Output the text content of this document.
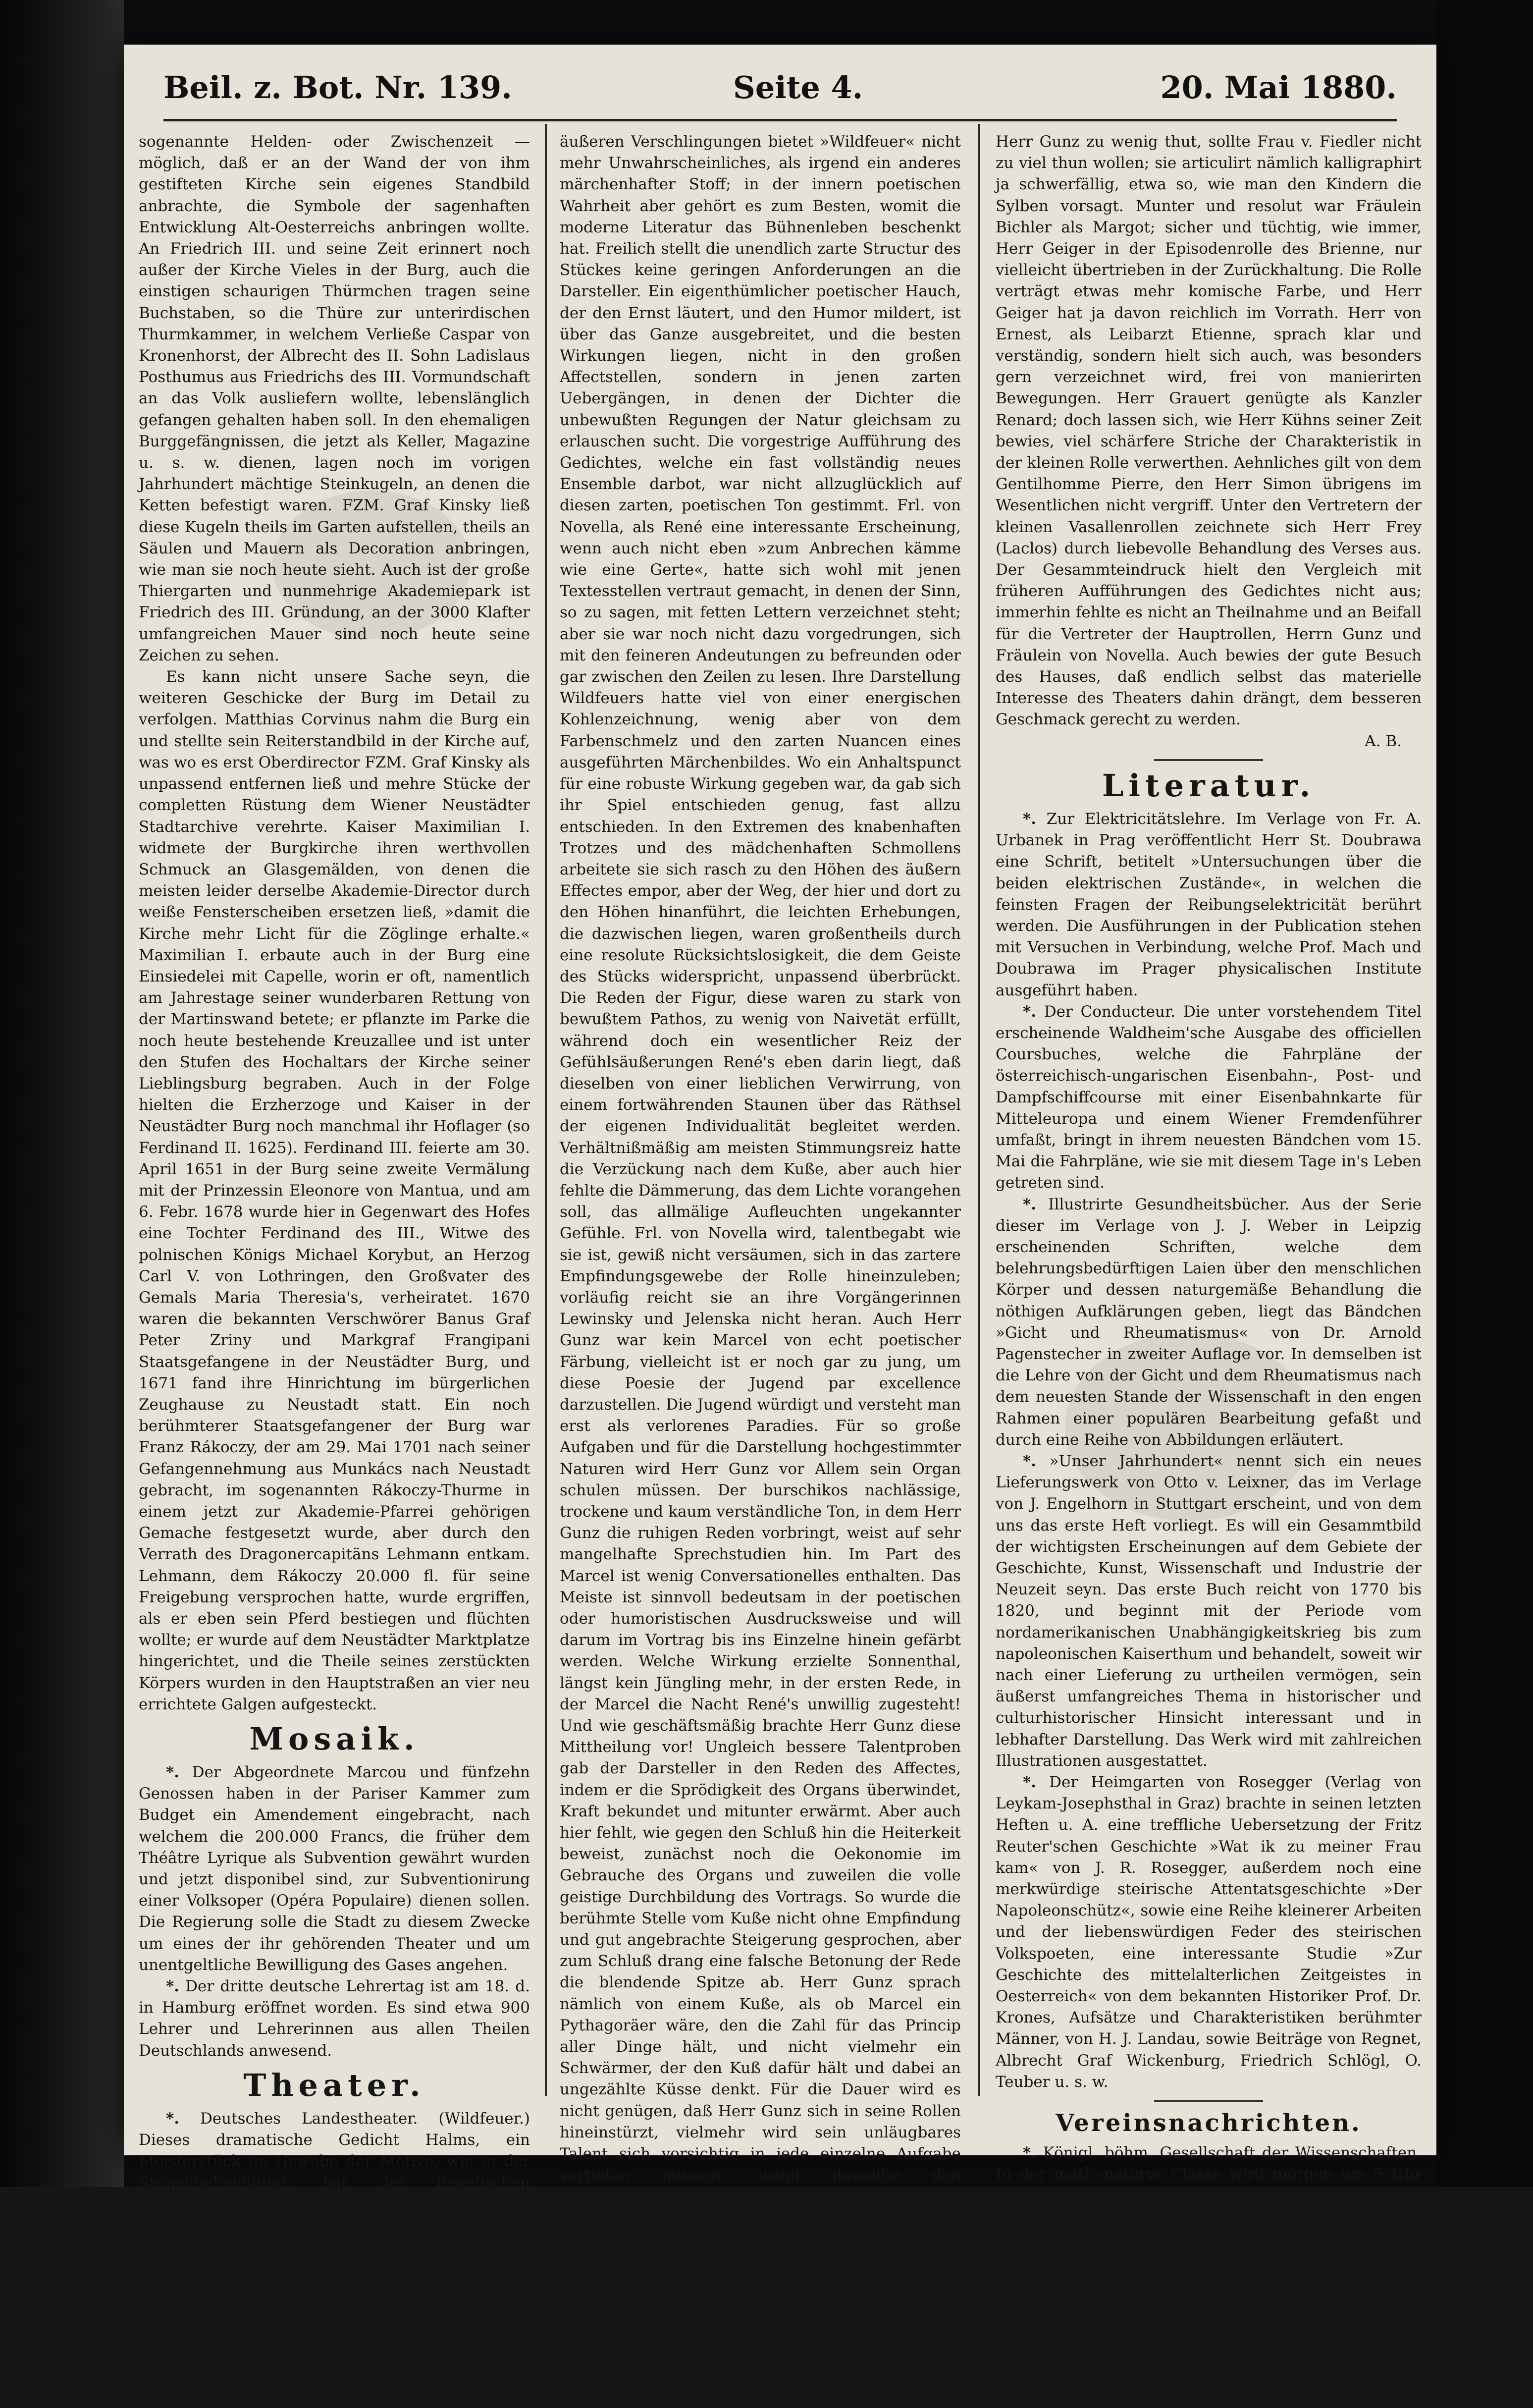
Beil. z. Bot. Nr. 139.	Seite 4.	20. Mai 1880.

sogenannte Helden- oder Zwischenzeit — möglich, daß er an der Wand der von ihm gestifteten Kirche sein eigenes Standbild anbrachte, die Symbole der sagenhaften Entwicklung Alt-Oesterreichs anbringen wollte. An Friedrich III. und seine Zeit erinnert noch außer der Kirche Vieles in der Burg, auch die einstigen schaurigen Thürmchen tragen seine Buchstaben, so die Thüre zur unterirdischen Thurmkammer, in welchem Verließe Caspar von Kronenhorst, der Albrecht des II. Sohn Ladislaus Posthumus aus Friedrichs des III. Vormundschaft an das Volk ausliefern wollte, lebenslänglich gefangen gehalten haben soll. In den ehemaligen Burggefängnissen, die jetzt als Keller, Magazine u. s. w. dienen, lagen noch im vorigen Jahrhundert mächtige Steinkugeln, an denen die Ketten befestigt waren. FZM. Graf Kinsky ließ diese Kugeln theils im Garten aufstellen, theils an Säulen und Mauern als Decoration anbringen, wie man sie noch heute sieht. Auch ist der große Thiergarten und nunmehrige Akademiepark ist Friedrich des III. Gründung, an der 3000 Klafter umfangreichen Mauer sind noch heute seine Zeichen zu sehen.

Es kann nicht unsere Sache seyn, die weiteren Geschicke der Burg im Detail zu verfolgen. Matthias Corvinus nahm die Burg ein und stellte sein Reiterstandbild in der Kirche auf, was wo es erst Oberdirector FZM. Graf Kinsky als unpassend entfernen ließ und mehre Stücke der completten Rüstung dem Wiener Neustädter Stadtarchive verehrte. Kaiser Maximilian I. widmete der Burgkirche ihren werthvollen Schmuck an Glasgemälden, von denen die meisten leider derselbe Akademie-Director durch weiße Fensterscheiben ersetzen ließ, »damit die Kirche mehr Licht für die Zöglinge erhalte.« Maximilian I. erbaute auch in der Burg eine Einsiedelei mit Capelle, worin er oft, namentlich am Jahrestage seiner wunderbaren Rettung von der Martinswand betete; er pflanzte im Parke die noch heute bestehende Kreuzallee und ist unter den Stufen des Hochaltars der Kirche seiner Lieblingsburg begraben. Auch in der Folge hielten die Erzherzoge und Kaiser in der Neustädter Burg noch manchmal ihr Hoflager (so Ferdinand II. 1625). Ferdinand III. feierte am 30. April 1651 in der Burg seine zweite Vermälung mit der Prinzessin Eleonore von Mantua, und am 6. Febr. 1678 wurde hier in Gegenwart des Hofes eine Tochter Ferdinand des III., Witwe des polnischen Königs Michael Korybut, an Herzog Carl V. von Lothringen, den Großvater des Gemals Maria Theresia's, verheiratet. 1670 waren die bekannten Verschwörer Banus Graf Peter Zriny und Markgraf Frangipani Staatsgefangene in der Neustädter Burg, und 1671 fand ihre Hinrichtung im bürgerlichen Zeughause zu Neustadt statt. Ein noch berühmterer Staatsgefangener der Burg war Franz Rákoczy, der am 29. Mai 1701 nach seiner Gefangennehmung aus Munkács nach Neustadt gebracht, im sogenannten Rákoczy-Thurme in einem jetzt zur Akademie-Pfarrei gehörigen Gemache festgesetzt wurde, aber durch den Verrath des Dragonercapitäns Lehmann entkam. Lehmann, dem Rákoczy 20.000 fl. für seine Freigebung versprochen hatte, wurde ergriffen, als er eben sein Pferd bestiegen und flüchten wollte; er wurde auf dem Neustädter Marktplatze hingerichtet, und die Theile seines zerstückten Körpers wurden in den Hauptstraßen an vier neu errichtete Galgen aufgesteckt.

Mosaik.

*. Der Abgeordnete Marcou und fünfzehn Genossen haben in der Pariser Kammer zum Budget ein Amendement eingebracht, nach welchem die 200.000 Francs, die früher dem Théâtre Lyrique als Subvention gewährt wurden und jetzt disponibel sind, zur Subventionirung einer Volksoper (Opéra Populaire) dienen sollen. Die Regierung solle die Stadt zu diesem Zwecke um eines der ihr gehörenden Theater und um unentgeltliche Bewilligung des Gases angehen.

*. Der dritte deutsche Lehrertag ist am 18. d. in Hamburg eröffnet worden. Es sind etwa 900 Lehrer und Lehrerinnen aus allen Theilen Deutschlands anwesend.

Theater.

*. Deutsches Landestheater. (Wildfeuer.) Dieses dramatische Gedicht Halms, ein Meisterstück im Gewebe der Motive, wie in der Sprachbehandlung, hat der flegelischen Rücksichtnahme »auf schon so lange siegreich Wildfeuer« geschrieben, daß es heute bereits in ganz Deutschland für eine Zierde des Schauspielrepertoires gilt. Die Gemeinheit, die sonst mit der Prosa ganz außer Verkehr steht, hat das Gedicht, endlich doch, nur darum befestigt, weil sie sich durch das rasende Motiv angeregt fühlte. Im deutschen Sinne sind ja auch längst griechische und deutsche Mythologie den gräulichsten Lächerlichen verfallen. In den

äußeren Verschlingungen bietet »Wildfeuer« nicht mehr Unwahrscheinliches, als irgend ein anderes märchenhafter Stoff; in der innern poetischen Wahrheit aber gehört es zum Besten, womit die moderne Literatur das Bühnenleben beschenkt hat. Freilich stellt die unendlich zarte Structur des Stückes keine geringen Anforderungen an die Darsteller. Ein eigenthümlicher poetischer Hauch, der den Ernst läutert, und den Humor mildert, ist über das Ganze ausgebreitet, und die besten Wirkungen liegen, nicht in den großen Affectstellen, sondern in jenen zarten Uebergängen, in denen der Dichter die unbewußten Regungen der Natur gleichsam zu erlauschen sucht. Die vorgestrige Aufführung des Gedichtes, welche ein fast vollständig neues Ensemble darbot, war nicht allzuglücklich auf diesen zarten, poetischen Ton gestimmt. Frl. von Novella, als René eine interessante Erscheinung, wenn auch nicht eben »zum Anbrechen kämme wie eine Gerte«, hatte sich wohl mit jenen Textesstellen vertraut gemacht, in denen der Sinn, so zu sagen, mit fetten Lettern verzeichnet steht; aber sie war noch nicht dazu vorgedrungen, sich mit den feineren Andeutungen zu befreunden oder gar zwischen den Zeilen zu lesen. Ihre Darstellung Wildfeuers hatte viel von einer energischen Kohlenzeichnung, wenig aber von dem Farbenschmelz und den zarten Nuancen eines ausgeführten Märchenbildes. Wo ein Anhaltspunct für eine robuste Wirkung gegeben war, da gab sich ihr Spiel entschieden genug, fast allzu entschieden. In den Extremen des knabenhaften Trotzes und des mädchenhaften Schmollens arbeitete sie sich rasch zu den Höhen des äußern Effectes empor, aber der Weg, der hier und dort zu den Höhen hinanführt, die leichten Erhebungen, die dazwischen liegen, waren großentheils durch eine resolute Rücksichtslosigkeit, die dem Geiste des Stücks widerspricht, unpassend überbrückt. Die Reden der Figur, diese waren zu stark von bewußtem Pathos, zu wenig von Naivetät erfüllt, während doch ein wesentlicher Reiz der Gefühlsäußerungen René's eben darin liegt, daß dieselben von einer lieblichen Verwirrung, von einem fortwährenden Staunen über das Räthsel der eigenen Individualität begleitet werden. Verhältnißmäßig am meisten Stimmungsreiz hatte die Verzückung nach dem Kuße, aber auch hier fehlte die Dämmerung, das dem Lichte vorangehen soll, das allmälige Aufleuchten ungekannter Gefühle. Frl. von Novella wird, talentbegabt wie sie ist, gewiß nicht versäumen, sich in das zartere Empfindungsgewebe der Rolle hineinzuleben; vorläufig reicht sie an ihre Vorgängerinnen Lewinsky und Jelenska nicht heran. Auch Herr Gunz war kein Marcel von echt poetischer Färbung, vielleicht ist er noch gar zu jung, um diese Poesie der Jugend par excellence darzustellen. Die Jugend würdigt und versteht man erst als verlorenes Paradies. Für so große Aufgaben und für die Darstellung hochgestimmter Naturen wird Herr Gunz vor Allem sein Organ schulen müssen. Der burschikos nachlässige, trockene und kaum verständliche Ton, in dem Herr Gunz die ruhigen Reden vorbringt, weist auf sehr mangelhafte Sprechstudien hin. Im Part des Marcel ist wenig Conversationelles enthalten. Das Meiste ist sinnvoll bedeutsam in der poetischen oder humoristischen Ausdrucksweise und will darum im Vortrag bis ins Einzelne hinein gefärbt werden. Welche Wirkung erzielte Sonnenthal, längst kein Jüngling mehr, in der ersten Rede, in der Marcel die Nacht René's unwillig zugesteht! Und wie geschäftsmäßig brachte Herr Gunz diese Mittheilung vor! Ungleich bessere Talentproben gab der Darsteller in den Reden des Affectes, indem er die Sprödigkeit des Organs überwindet, Kraft bekundet und mitunter erwärmt. Aber auch hier fehlt, wie gegen den Schluß hin die Heiterkeit beweist, zunächst noch die Oekonomie im Gebrauche des Organs und zuweilen die volle geistige Durchbildung des Vortrags. So wurde die berühmte Stelle vom Kuße nicht ohne Empfindung und gut angebrachte Steigerung gesprochen, aber zum Schluß drang eine falsche Betonung der Rede die blendende Spitze ab. Herr Gunz sprach nämlich von einem Kuße, als ob Marcel ein Pythagoräer wäre, den die Zahl für das Princip aller Dinge hält, und nicht vielmehr ein Schwärmer, der den Kuß dafür hält und dabei an ungezählte Küsse denkt. Für die Dauer wird es nicht genügen, daß Herr Gunz sich in seine Rollen hineinstürzt, vielmehr wird sein unläugbares Talent sich vorsichtig in jede einzelne Aufgabe vertiefen müssen, wenn dasselbe den Anforderungen eines großen Wirkungskreises genügen soll. Sehr ernst hatte sich Frau Fiedler von Burgbach mit der Gräfin von Dommartin befaßt; der Grundton der Energie war richtig angeschlagen, und der Text — bis auf eine verunglückte Stelle (nach dem Abgange des Grafen von Driemne), die nur halb zu Gehör kam — sorgfältig behandelt. In einem Puncte, in dem

Herr Gunz zu wenig thut, sollte Frau v. Fiedler nicht zu viel thun wollen; sie articulirt nämlich kalligraphirt ja schwerfällig, etwa so, wie man den Kindern die Sylben vorsagt. Munter und resolut war Fräulein Bichler als Margot; sicher und tüchtig, wie immer, Herr Geiger in der Episodenrolle des Brienne, nur vielleicht übertrieben in der Zurückhaltung. Die Rolle verträgt etwas mehr komische Farbe, und Herr Geiger hat ja davon reichlich im Vorrath. Herr von Ernest, als Leibarzt Etienne, sprach klar und verständig, sondern hielt sich auch, was besonders gern verzeichnet wird, frei von manierirten Bewegungen. Herr Grauert genügte als Kanzler Renard; doch lassen sich, wie Herr Kühns seiner Zeit bewies, viel schärfere Striche der Charakteristik in der kleinen Rolle verwerthen. Aehnliches gilt von dem Gentilhomme Pierre, den Herr Simon übrigens im Wesentlichen nicht vergriff. Unter den Vertretern der kleinen Vasallenrollen zeichnete sich Herr Frey (Laclos) durch liebevolle Behandlung des Verses aus. Der Gesammteindruck hielt den Vergleich mit früheren Aufführungen des Gedichtes nicht aus; immerhin fehlte es nicht an Theilnahme und an Beifall für die Vertreter der Hauptrollen, Herrn Gunz und Fräulein von Novella. Auch bewies der gute Besuch des Hauses, daß endlich selbst das materielle Interesse des Theaters dahin drängt, dem besseren Geschmack gerecht zu werden.

A. B.

Literatur.

*. Zur Elektricitätslehre. Im Verlage von Fr. A. Urbanek in Prag veröffentlicht Herr St. Doubrawa eine Schrift, betitelt »Untersuchungen über die beiden elektrischen Zustände«, in welchen die feinsten Fragen der Reibungselektricität berührt werden. Die Ausführungen in der Publication stehen mit Versuchen in Verbindung, welche Prof. Mach und Doubrawa im Prager physicalischen Institute ausgeführt haben.

*. Der Conducteur. Die unter vorstehendem Titel erscheinende Waldheim'sche Ausgabe des officiellen Coursbuches, welche die Fahrpläne der österreichisch-ungarischen Eisenbahn-, Post- und Dampfschiffcourse mit einer Eisenbahnkarte für Mitteleuropa und einem Wiener Fremdenführer umfaßt, bringt in ihrem neuesten Bändchen vom 15. Mai die Fahrpläne, wie sie mit diesem Tage in's Leben getreten sind.

*. Illustrirte Gesundheitsbücher. Aus der Serie dieser im Verlage von J. J. Weber in Leipzig erscheinenden Schriften, welche dem belehrungsbedürftigen Laien über den menschlichen Körper und dessen naturgemäße Behandlung die nöthigen Aufklärungen geben, liegt das Bändchen »Gicht und Rheumatismus« von Dr. Arnold Pagenstecher in zweiter Auflage vor. In demselben ist die Lehre von der Gicht und dem Rheumatismus nach dem neuesten Stande der Wissenschaft in den engen Rahmen einer populären Bearbeitung gefaßt und durch eine Reihe von Abbildungen erläutert.

*. »Unser Jahrhundert« nennt sich ein neues Lieferungswerk von Otto v. Leixner, das im Verlage von J. Engelhorn in Stuttgart erscheint, und von dem uns das erste Heft vorliegt. Es will ein Gesammtbild der wichtigsten Erscheinungen auf dem Gebiete der Geschichte, Kunst, Wissenschaft und Industrie der Neuzeit seyn. Das erste Buch reicht von 1770 bis 1820, und beginnt mit der Periode vom nordamerikanischen Unabhängigkeitskrieg bis zum napoleonischen Kaiserthum und behandelt, soweit wir nach einer Lieferung zu urtheilen vermögen, sein äußerst umfangreiches Thema in historischer und culturhistorischer Hinsicht interessant und in lebhafter Darstellung. Das Werk wird mit zahlreichen Illustrationen ausgestattet.

*. Der Heimgarten von Rosegger (Verlag von Leykam-Josephsthal in Graz) brachte in seinen letzten Heften u. A. eine treffliche Uebersetzung der Fritz Reuter'schen Geschichte »Wat ik zu meiner Frau kam« von J. R. Rosegger, außerdem noch eine merkwürdige steirische Attentatsgeschichte »Der Napoleonschütz«, sowie eine Reihe kleinerer Arbeiten und der liebenswürdigen Feder des steirischen Volkspoeten, eine interessante Studie »Zur Geschichte des mittelalterlichen Zeitgeistes in Oesterreich« von dem bekannten Historiker Prof. Dr. Krones, Aufsätze und Charakteristiken berühmter Männer, von H. J. Landau, sowie Beiträge von Regnet, Albrecht Graf Wickenburg, Friedrich Schlögl, O. Teuber u. s. w.

Vereinsnachrichten.

*. Königl. böhm. Gesellschaft der Wissenschaften. In der math.-naturw. Classe wird morgen um 5 Uhr Nachm. Prof. K. Zenger »Ueber die aktinischen Aplanaten für Mikroskope« vortragen.
